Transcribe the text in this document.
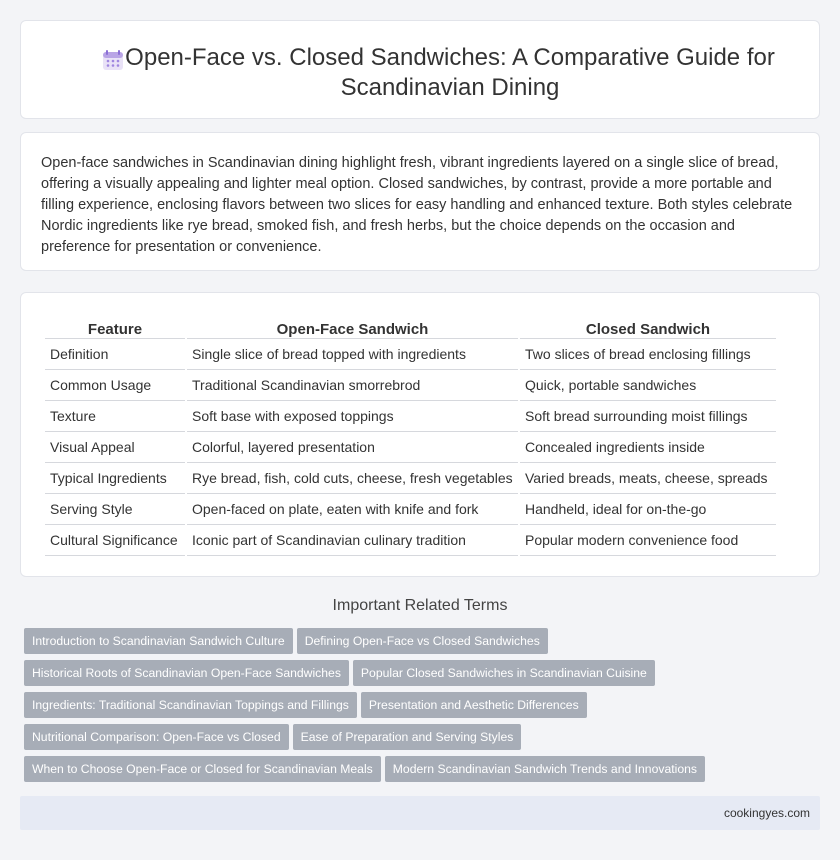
Open-Face vs. Closed Sandwiches: A Comparative Guide for Scandinavian Dining

Open-face sandwiches in Scandinavian dining highlight fresh, vibrant ingredients layered on a single slice of bread, offering a visually appealing and lighter meal option. Closed sandwiches, by contrast, provide a more portable and filling experience, enclosing flavors between two slices for easy handling and enhanced texture. Both styles celebrate Nordic ingredients like rye bread, smoked fish, and fresh herbs, but the choice depends on the occasion and preference for presentation or convenience.

Feature	Open-Face Sandwich	Closed Sandwich
Definition	Single slice of bread topped with ingredients	Two slices of bread enclosing fillings
Common Usage	Traditional Scandinavian smorrebrod	Quick, portable sandwiches
Texture	Soft base with exposed toppings	Soft bread surrounding moist fillings
Visual Appeal	Colorful, layered presentation	Concealed ingredients inside
Typical Ingredients	Rye bread, fish, cold cuts, cheese, fresh vegetables	Varied breads, meats, cheese, spreads
Serving Style	Open-faced on plate, eaten with knife and fork	Handheld, ideal for on-the-go
Cultural Significance	Iconic part of Scandinavian culinary tradition	Popular modern convenience food
Important Related Terms
Introduction to Scandinavian Sandwich Culture Defining Open-Face vs Closed Sandwiches
Historical Roots of Scandinavian Open-Face Sandwiches Popular Closed Sandwiches in Scandinavian Cuisine
Ingredients: Traditional Scandinavian Toppings and Fillings Presentation and Aesthetic Differences
Nutritional Comparison: Open-Face vs Closed Ease of Preparation and Serving Styles
When to Choose Open-Face or Closed for Scandinavian Meals Modern Scandinavian Sandwich Trends and Innovations
cookingyes.com
